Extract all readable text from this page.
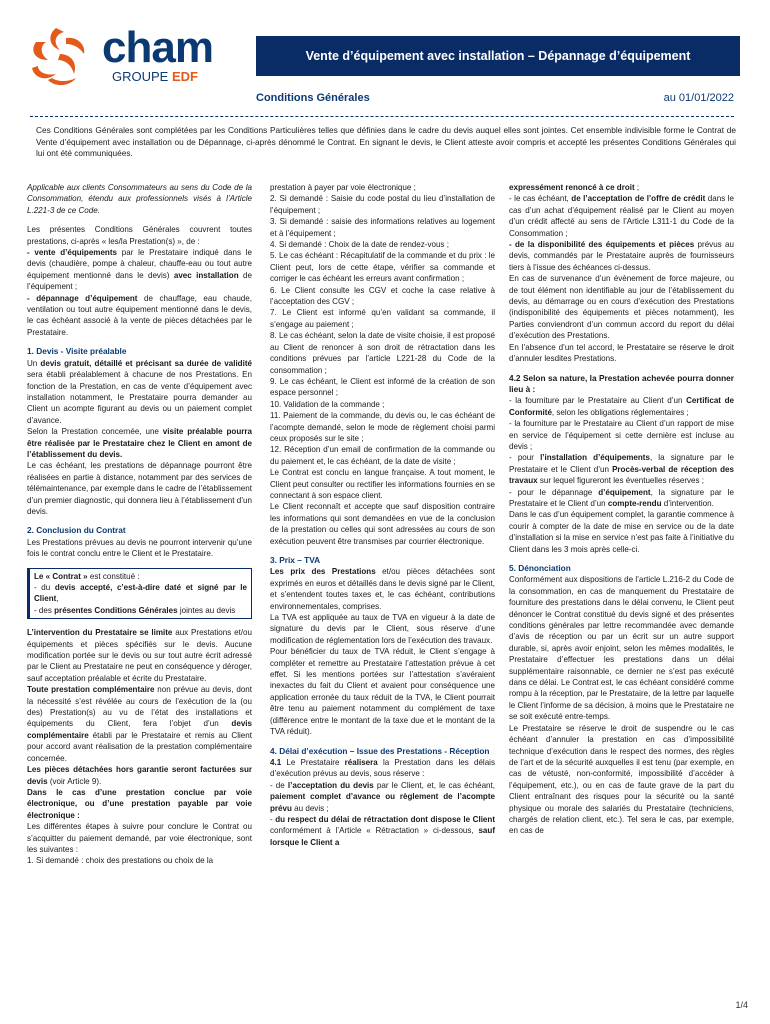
cham
GROUPE EDF
Vente d’équipement avec installation – Dépannage d’équipement
Conditions Générales	au 01/01/2022
Ces Conditions Générales sont complétées par les Conditions Particulières telles que définies dans le cadre du devis auquel elles sont jointes. Cet ensemble indivisible forme le Contrat de Vente d’équipement avec installation ou de Dépannage, ci-après dénommé le Contrat. En signant le devis, le Client atteste avoir compris et accepté les présentes Conditions Générales qui lui ont été communiquées.

Applicable aux clients Consommateurs au sens du Code de la Consommation, étendu aux professionnels visés à l’Article L.221-3 de ce Code.

Les présentes Conditions Générales couvrent toutes prestations, ci-après « les/la Prestation(s) », de :

- vente d’équipements par le Prestataire indiqué dans le devis (chaudière, pompe à chaleur, chauffe-eau ou tout autre équipement mentionné dans le devis) avec installation de l’équipement ;

- dépannage d’équipement de chauffage, eau chaude, ventilation ou tout autre équipement mentionné dans le devis, le cas échéant associé à la vente de pièces détachées par le Prestataire.

1. Devis - Visite préalable

Un devis gratuit, détaillé et précisant sa durée de validité sera établi préalablement à chacune de nos Prestations. En fonction de la Prestation, en cas de vente d’équipement avec installation notamment, le Prestataire pourra demander au Client un acompte figurant au devis ou un paiement complet d’avance.

Selon la Prestation concernée, une visite préalable pourra être réalisée par le Prestataire chez le Client en amont de l’établissement du devis.

Le cas échéant, les prestations de dépannage pourront être réalisées en partie à distance, notamment par des services de télémaintenance, par exemple dans le cadre de l’établissement d’un premier diagnostic, qui donnera lieu à l’établissement d’un devis.

2. Conclusion du Contrat

Les Prestations prévues au devis ne pourront intervenir qu’une fois le contrat conclu entre le Client et le Prestataire.

Le « Contrat » est constitué :

- du devis accepté, c’est-à-dire daté et signé par le Client,

- des présentes Conditions Générales jointes au devis

L’intervention du Prestataire se limite aux Prestations et/ou équipements et pièces spécifiés sur le devis. Aucune modification portée sur le devis ou sur tout autre écrit adressé par le Client au Prestataire ne peut en conséquence y déroger, sauf acceptation préalable et écrite du Prestataire.

Toute prestation complémentaire non prévue au devis, dont la nécessité s’est révélée au cours de l’exécution de la (ou des) Prestation(s) au vu de l’état des installations et équipements du Client, fera l’objet d’un devis complémentaire établi par le Prestataire et remis au Client pour accord avant réalisation de la prestation complémentaire concernée.

Les pièces détachées hors garantie seront facturées sur devis (voir Article 9).

Dans le cas d’une prestation conclue par voie électronique, ou d’une prestation payable par voie électronique :

Les différentes étapes à suivre pour conclure le Contrat ou s’acquitter du paiement demandé, par voie électronique, sont les suivantes :

1. Si demandé : choix des prestations ou choix de la

prestation à payer par voie électronique ;

2. Si demandé : Saisie du code postal du lieu d’installation de l’équipement ;

3. Si demandé : saisie des informations relatives au logement et à l’équipement ;

4. Si demandé : Choix de la date de rendez-vous ;

5. Le cas échéant : Récapitulatif de la commande et du prix : le Client peut, lors de cette étape, vérifier sa commande et corriger le cas échéant les erreurs avant confirmation ;

6. Le Client consulte les CGV et coche la case relative à l’acceptation des CGV ;

7. Le Client est informé qu’en validant sa commande, il s’engage au paiement ;

8. Le cas échéant, selon la date de visite choisie, il est proposé au Client de renoncer à son droit de rétractation dans les conditions prévues par l’article L221-28 du Code de la consommation ;

9. Le cas échéant, le Client est informé de la création de son espace personnel ;

10. Validation de la commande ;

11. Paiement de la commande, du devis ou, le cas échéant de l’acompte demandé, selon le mode de règlement choisi parmi ceux proposés sur le site ;

12. Réception d’un email de confirmation de la commande ou du paiement et, le cas échéant, de la date de visite ;

Le Contrat est conclu en langue française. A tout moment, le Client peut consulter ou rectifier les informations fournies en se connectant à son espace client.

Le Client reconnaît et accepte que sauf disposition contraire les informations qui sont demandées en vue de la conclusion de la prestation ou celles qui sont adressées au cours de son exécution peuvent être transmises par courrier électronique.

3. Prix – TVA

Les prix des Prestations et/ou pièces détachées sont exprimés en euros et détaillés dans le devis signé par le Client, et s’entendent toutes taxes et, le cas échéant, contributions environnementales, comprises.

La TVA est appliquée au taux de TVA en vigueur à la date de signature du devis par le Client, sous réserve d’une modification de réglementation lors de l’exécution des travaux.

Pour bénéficier du taux de TVA réduit, le Client s’engage à compléter et remettre au Prestataire l’attestation prévue à cet effet. Si les mentions portées sur l’attestation s’avéraient inexactes du fait du Client et avaient pour conséquence une application erronée du taux réduit de la TVA, le Client pourrait être tenu au paiement notamment du complément de taxe (différence entre le montant de la taxe due et le montant de la TVA réduit).

4. Délai d’exécution – Issue des Prestations - Réception

4.1 Le Prestataire réalisera la Prestation dans les délais d’exécution prévus au devis, sous réserve :

- de l’acceptation du devis par le Client, et, le cas échéant, paiement complet d’avance ou règlement de l’acompte prévu au devis ;

- du respect du délai de rétractation dont dispose le Client conformément à l’Article « Rétractation » ci-dessous, sauf lorsque le Client a

expressément renoncé à ce droit ;

- le cas échéant, de l’acceptation de l’offre de crédit dans le cas d’un achat d’équipement réalisé par le Client au moyen d’un crédit affecté au sens de l’Article L311-1 du Code de la Consommation ;

- de la disponibilité des équipements et pièces prévus au devis, commandés par le Prestataire auprès de fournisseurs tiers à l’issue des échéances ci-dessus.

En cas de survenance d’un évènement de force majeure, ou de tout élément non identifiable au jour de l’établissement du devis, au démarrage ou en cours d’exécution des Prestations (indisponibilité des équipements et pièces notamment), les Parties conviendront d’un commun accord du report du délai d’exécution des Prestations.

En l’absence d’un tel accord, le Prestataire se réserve le droit d’annuler lesdites Prestations.

4.2 Selon sa nature, la Prestation achevée pourra donner lieu à :

- la fourniture par le Prestataire au Client d’un Certificat de Conformité, selon les obligations réglementaires ;

- la fourniture par le Prestataire au Client d’un rapport de mise en service de l’équipement si cette dernière est incluse au devis ;

- pour l’installation d’équipements, la signature par le Prestataire et le Client d’un Procès-verbal de réception des travaux sur lequel figureront les éventuelles réserves ;

- pour le dépannage d’équipement, la signature par le Prestataire et le Client d’un compte-rendu d’intervention.

Dans le cas d’un équipement complet, la garantie commence à courir à compter de la date de mise en service ou de la date d’installation si la mise en service n’est pas faite à l’initiative du Client dans les 3 mois après celle-ci.

5. Dénonciation

Conformément aux dispositions de l’article L.216-2 du Code de la consommation, en cas de manquement du Prestataire de fourniture des prestations dans le délai convenu, le Client peut dénoncer le Contrat constitué du devis signé et des présentes conditions générales par lettre recommandée avec demande d’avis de réception ou par un écrit sur un autre support durable, si, après avoir enjoint, selon les mêmes modalités, le Prestataire d’effectuer les prestations dans un délai supplémentaire raisonnable, ce dernier ne s’est pas exécuté dans ce délai. Le Contrat est, le cas échéant considéré comme rompu à la réception, par le Prestataire, de la lettre par laquelle le Client l’informe de sa décision, à moins que le Prestataire ne se soit exécuté entre-temps.

Le Prestataire se réserve le droit de suspendre ou le cas échéant d’annuler la prestation en cas d’impossibilité technique d’exécution dans le respect des normes, des règles de l’art et de la sécurité auxquelles il est tenu (par exemple, en cas de vétusté, non-conformité, impossibilité d’accéder à l’équipement, etc.), ou en cas de faute grave de la part du Client entraînant des risques pour la sécurité ou la santé physique ou morale des salariés du Prestataire (techniciens, chargés de relation client, etc.). Tel sera le cas, par exemple, en cas de

1/4
